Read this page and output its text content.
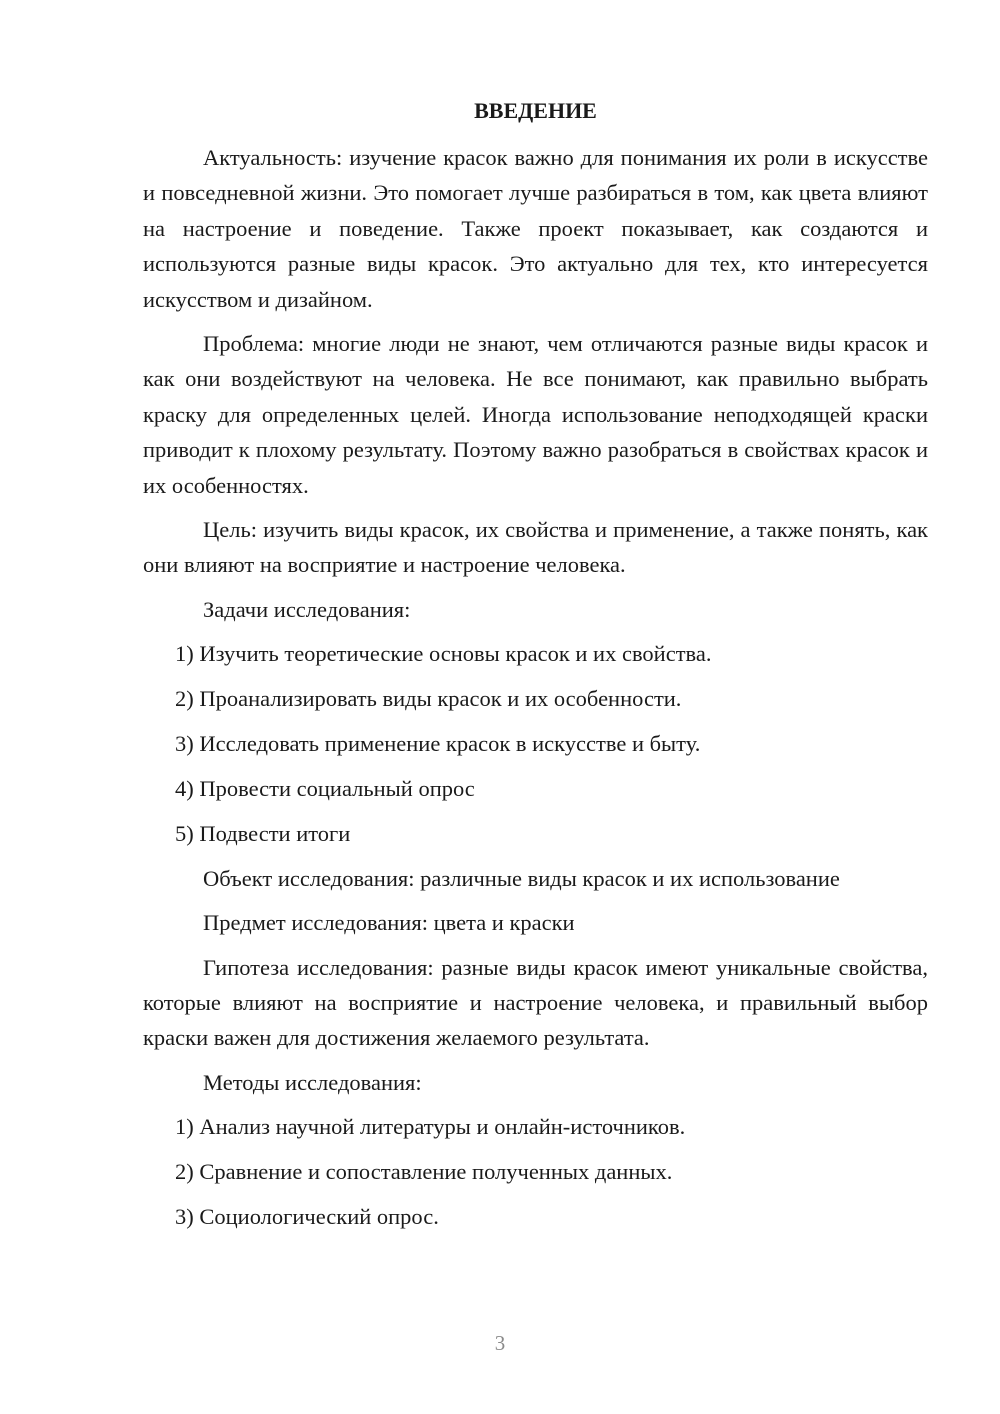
ВВЕДЕНИЕ

Актуальность: изучение красок важно для понимания их роли в искусстве и повседневной жизни. Это помогает лучше разбираться в том, как цвета влияют на настроение и поведение. Также проект показывает, как создаются и используются разные виды красок. Это актуально для тех, кто интересуется искусством и дизайном.

Проблема: многие люди не знают, чем отличаются разные виды красок и как они воздействуют на человека. Не все понимают, как правильно выбрать краску для определенных целей. Иногда использование неподходящей краски приводит к плохому результату. Поэтому важно разобраться в свойствах красок и их особенностях.

Цель: изучить виды красок, их свойства и применение, а также понять, как они влияют на восприятие и настроение человека.

Задачи исследования:

1) Изучить теоретические основы красок и их свойства.

2) Проанализировать виды красок и их особенности.

3) Исследовать применение красок в искусстве и быту.

4) Провести социальный опрос

5) Подвести итоги

Объект исследования: различные виды красок и их использование

Предмет исследования: цвета и краски

Гипотеза исследования: разные виды красок имеют уникальные свойства, которые влияют на восприятие и настроение человека, и правильный выбор краски важен для достижения желаемого результата.

Методы исследования:

1) Анализ научной литературы и онлайн-источников.

2) Сравнение и сопоставление полученных данных.

3) Социологический опрос.

3
